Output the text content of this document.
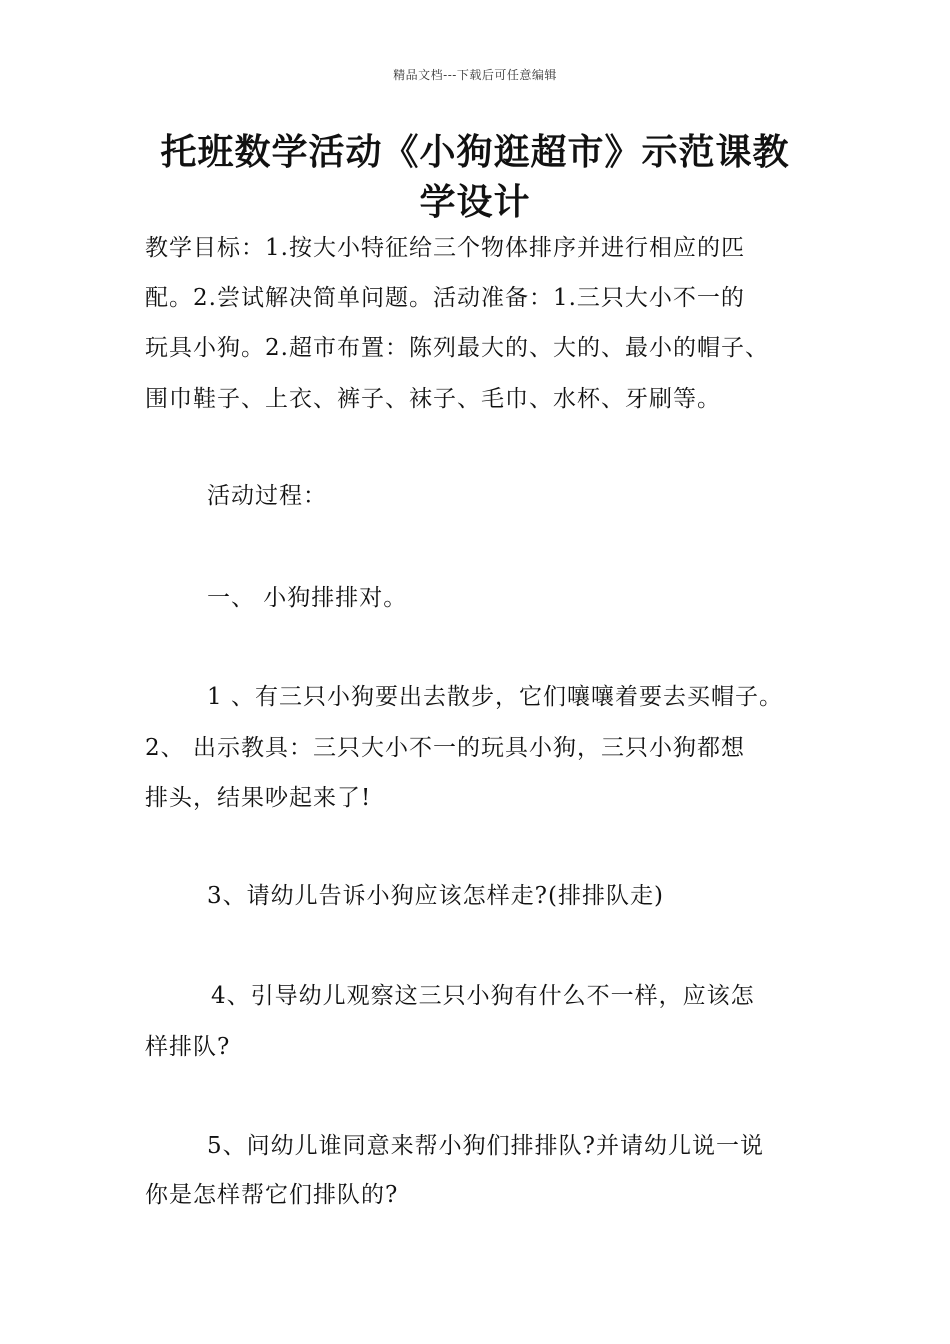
精品文档---下载后可任意编辑
托班数学活动《小狗逛超市》示范课教
学设计
教学目标：1.按大小特征给三个物体排序并进行相应的匹
配。2.尝试解决简单问题。活动准备：1.三只大小不一的
玩具小狗。2.超市布置：陈列最大的、大的、最小的帽子、
围巾鞋子、上衣、裤子、袜子、毛巾、水杯、牙刷等。
活动过程：
一、 小狗排排对。
1 、有三只小狗要出去散步，它们嚷嚷着要去买帽子。
2、 出示教具：三只大小不一的玩具小狗，三只小狗都想
排头，结果吵起来了!
3、请幼儿告诉小狗应该怎样走?(排排队走)
4、引导幼儿观察这三只小狗有什么不一样，应该怎
样排队?
5、问幼儿谁同意来帮小狗们排排队?并请幼儿说一说
你是怎样帮它们排队的?
